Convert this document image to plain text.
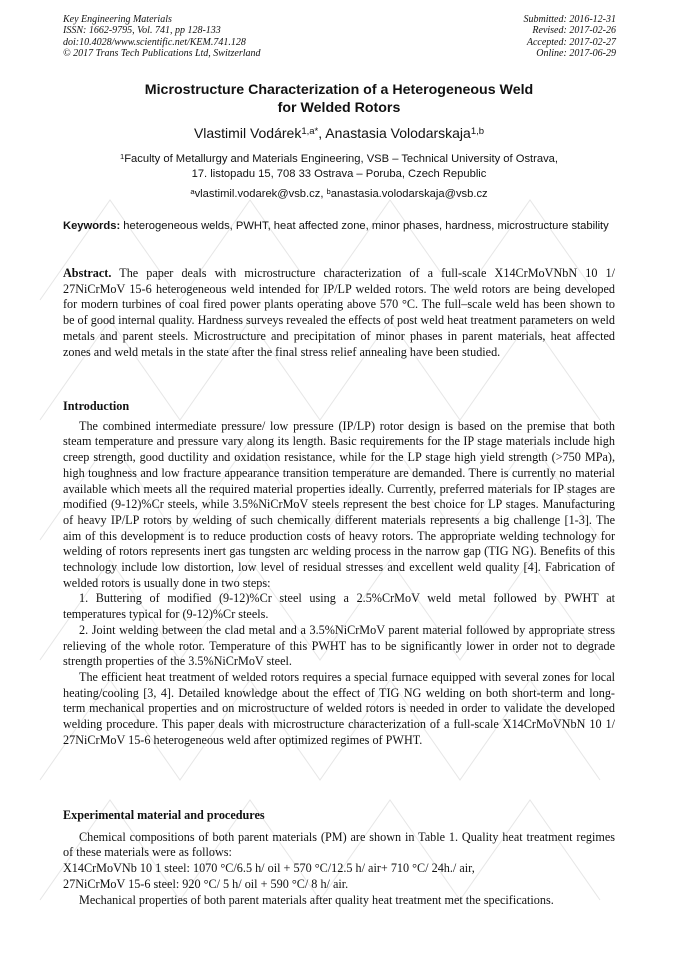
Key Engineering Materials
ISSN: 1662-9795, Vol. 741, pp 128-133
doi:10.4028/www.scientific.net/KEM.741.128
© 2017 Trans Tech Publications Ltd, Switzerland
Submitted: 2016-12-31
Revised: 2017-02-26
Accepted: 2017-02-27
Online: 2017-06-29
Microstructure Characterization of a Heterogeneous Weld
for Welded Rotors
Vlastimil Vodárek$^{1,a*}$, Anastasia Volodarskaja$^{1,b}$
$^1$Faculty of Metallurgy and Materials Engineering, VSB – Technical University of Ostrava,
17. listopadu 15, 708 33 Ostrava – Poruba, Czech Republic
$^a$vlastimil.vodarek@vsb.cz, $^b$anastasia.volodarskaja@vsb.cz
Keywords: heterogeneous welds, PWHT, heat affected zone, minor phases, hardness, microstructure stability
Abstract. The paper deals with microstructure characterization of a full-scale X14CrMoVNbN 10 1/ 27NiCrMoV 15-6 heterogeneous weld intended for IP/LP welded rotors. The weld rotors are being developed for modern turbines of coal fired power plants operating above 570 °C. The full–scale weld has been shown to be of good internal quality. Hardness surveys revealed the effects of post weld heat treatment parameters on weld metals and parent steels. Microstructure and precipitation of minor phases in parent materials, heat affected zones and weld metals in the state after the final stress relief annealing have been studied.
Introduction

The combined intermediate pressure/ low pressure (IP/LP) rotor design is based on the premise that both steam temperature and pressure vary along its length. Basic requirements for the IP stage materials include high creep strength, good ductility and oxidation resistance, while for the LP stage high yield strength (>750 MPa), high toughness and low fracture appearance transition temperature are demanded. There is currently no material available which meets all the required material properties ideally. Currently, preferred materials for IP stages are modified (9-12)%Cr steels, while 3.5%NiCrMoV steels represent the best choice for LP stages. Manufacturing of heavy IP/LP rotors by welding of such chemically different materials represents a big challenge [1-3]. The aim of this development is to reduce production costs of heavy rotors. The appropriate welding technology for welding of rotors represents inert gas tungsten arc welding process in the narrow gap (TIG NG). Benefits of this technology include low distortion, low level of residual stresses and excellent weld quality [4]. Fabrication of welded rotors is usually done in two steps:

1. Buttering of modified (9-12)%Cr steel using a 2.5%CrMoV weld metal followed by PWHT at temperatures typical for (9-12)%Cr steels.

2. Joint welding between the clad metal and a 3.5%NiCrMoV parent material followed by appropriate stress relieving of the whole rotor. Temperature of this PWHT has to be significantly lower in order not to degrade strength properties of the 3.5%NiCrMoV steel.

The efficient heat treatment of welded rotors requires a special furnace equipped with several zones for local heating/cooling [3, 4]. Detailed knowledge about the effect of TIG NG welding on both short-term and long-term mechanical properties and on microstructure of welded rotors is needed in order to validate the developed welding procedure. This paper deals with microstructure characterization of a full-scale X14CrMoVNbN 10 1/ 27NiCrMoV 15-6 heterogeneous weld after optimized regimes of PWHT.

Experimental material and procedures

Chemical compositions of both parent materials (PM) are shown in Table 1. Quality heat treatment regimes of these materials were as follows:

X14CrMoVNb 10 1 steel: 1070 °C/6.5 h/ oil + 570 °C/12.5 h/ air+ 710 °C/ 24h./ air,

27NiCrMoV 15-6 steel: 920 °C/ 5 h/ oil + 590 °C/ 8 h/ air.

Mechanical properties of both parent materials after quality heat treatment met the specifications.
